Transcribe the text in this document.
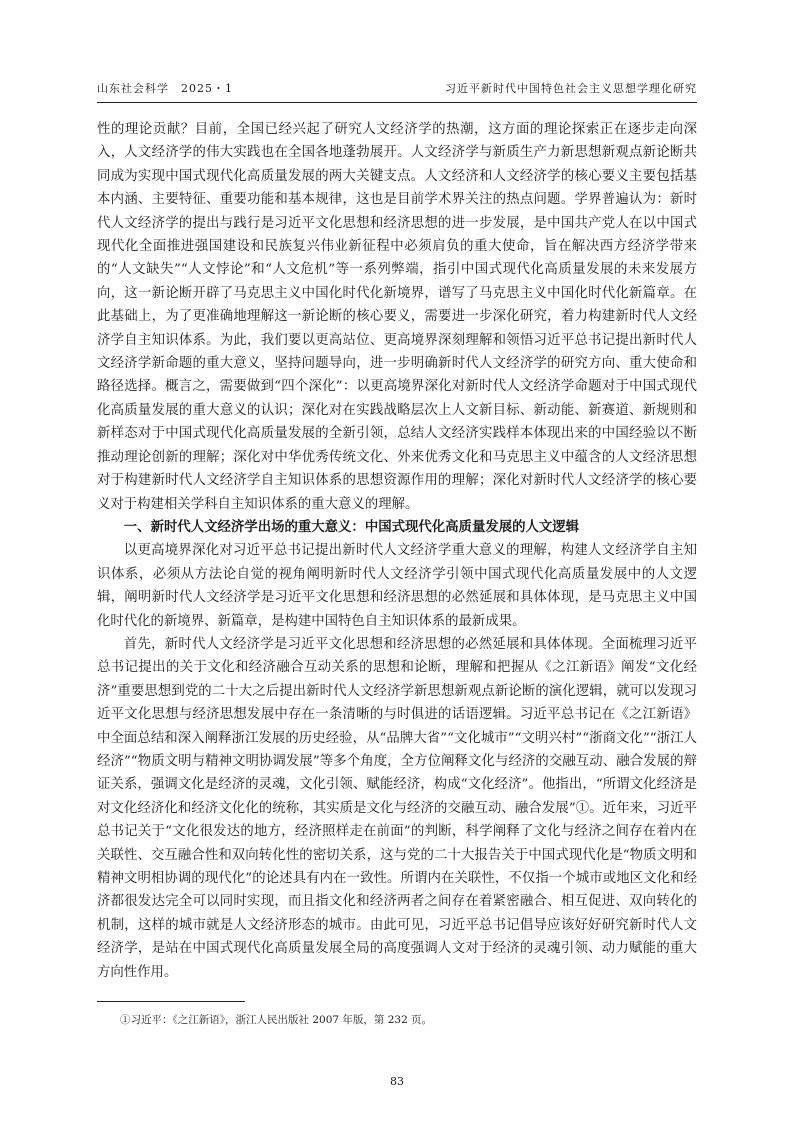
山东社会科学　2025・1	习近平新时代中国特色社会主义思想学理化研究

性的理论贡献？目前，全国已经兴起了研究人文经济学的热潮，这方面的理论探索正在逐步走向深入，人文经济学的伟大实践也在全国各地蓬勃展开。人文经济学与新质生产力新思想新观点新论断共同成为实现中国式现代化高质量发展的两大关键支点。人文经济和人文经济学的核心要义主要包括基本内涵、主要特征、重要功能和基本规律，这也是目前学术界关注的热点问题。学界普遍认为：新时代人文经济学的提出与践行是习近平文化思想和经济思想的进一步发展，是中国共产党人在以中国式现代化全面推进强国建设和民族复兴伟业新征程中必须肩负的重大使命，旨在解决西方经济学带来的“人文缺失”“人文悖论”和“人文危机”等一系列弊端，指引中国式现代化高质量发展的未来发展方向，这一新论断开辟了马克思主义中国化时代化新境界，谱写了马克思主义中国化时代化新篇章。在此基础上，为了更准确地理解这一新论断的核心要义，需要进一步深化研究，着力构建新时代人文经济学自主知识体系。为此，我们要以更高站位、更高境界深刻理解和领悟习近平总书记提出新时代人文经济学新命题的重大意义，坚持问题导向，进一步明确新时代人文经济学的研究方向、重大使命和路径选择。概言之，需要做到“四个深化”：以更高境界深化对新时代人文经济学命题对于中国式现代化高质量发展的重大意义的认识；深化对在实践战略层次上人文新目标、新动能、新赛道、新规则和新样态对于中国式现代化高质量发展的全新引领，总结人文经济实践样本体现出来的中国经验以不断推动理论创新的理解；深化对中华优秀传统文化、外来优秀文化和马克思主义中蕴含的人文经济思想对于构建新时代人文经济学自主知识体系的思想资源作用的理解；深化对新时代人文经济学的核心要义对于构建相关学科自主知识体系的重大意义的理解。

一、新时代人文经济学出场的重大意义：中国式现代化高质量发展的人文逻辑

以更高境界深化对习近平总书记提出新时代人文经济学重大意义的理解，构建人文经济学自主知识体系，必须从方法论自觉的视角阐明新时代人文经济学引领中国式现代化高质量发展中的人文逻辑，阐明新时代人文经济学是习近平文化思想和经济思想的必然延展和具体体现，是马克思主义中国化时代化的新境界、新篇章，是构建中国特色自主知识体系的最新成果。

首先，新时代人文经济学是习近平文化思想和经济思想的必然延展和具体体现。全面梳理习近平总书记提出的关于文化和经济融合互动关系的思想和论断，理解和把握从《之江新语》阐发“文化经济”重要思想到党的二十大之后提出新时代人文经济学新思想新观点新论断的演化逻辑，就可以发现习近平文化思想与经济思想发展中存在一条清晰的与时俱进的话语逻辑。习近平总书记在《之江新语》中全面总结和深入阐释浙江发展的历史经验，从“品牌大省”“文化城市”“文明兴村”“浙商文化”“浙江人经济”“物质文明与精神文明协调发展”等多个角度，全方位阐释文化与经济的交融互动、融合发展的辩证关系，强调文化是经济的灵魂，文化引领、赋能经济，构成“文化经济”。他指出，“所谓文化经济是对文化经济化和经济文化化的统称，其实质是文化与经济的交融互动、融合发展”①。近年来，习近平总书记关于“文化很发达的地方，经济照样走在前面”的判断，科学阐释了文化与经济之间存在着内在关联性、交互融合性和双向转化性的密切关系，这与党的二十大报告关于中国式现代化是“物质文明和精神文明相协调的现代化”的论述具有内在一致性。所谓内在关联性，不仅指一个城市或地区文化和经济都很发达完全可以同时实现，而且指文化和经济两者之间存在着紧密融合、相互促进、双向转化的机制，这样的城市就是人文经济形态的城市。由此可见，习近平总书记倡导应该好好研究新时代人文经济学，是站在中国式现代化高质量发展全局的高度强调人文对于经济的灵魂引领、动力赋能的重大方向性作用。

①习近平：《之江新语》，浙江人民出版社 2007 年版，第 232 页。
83
